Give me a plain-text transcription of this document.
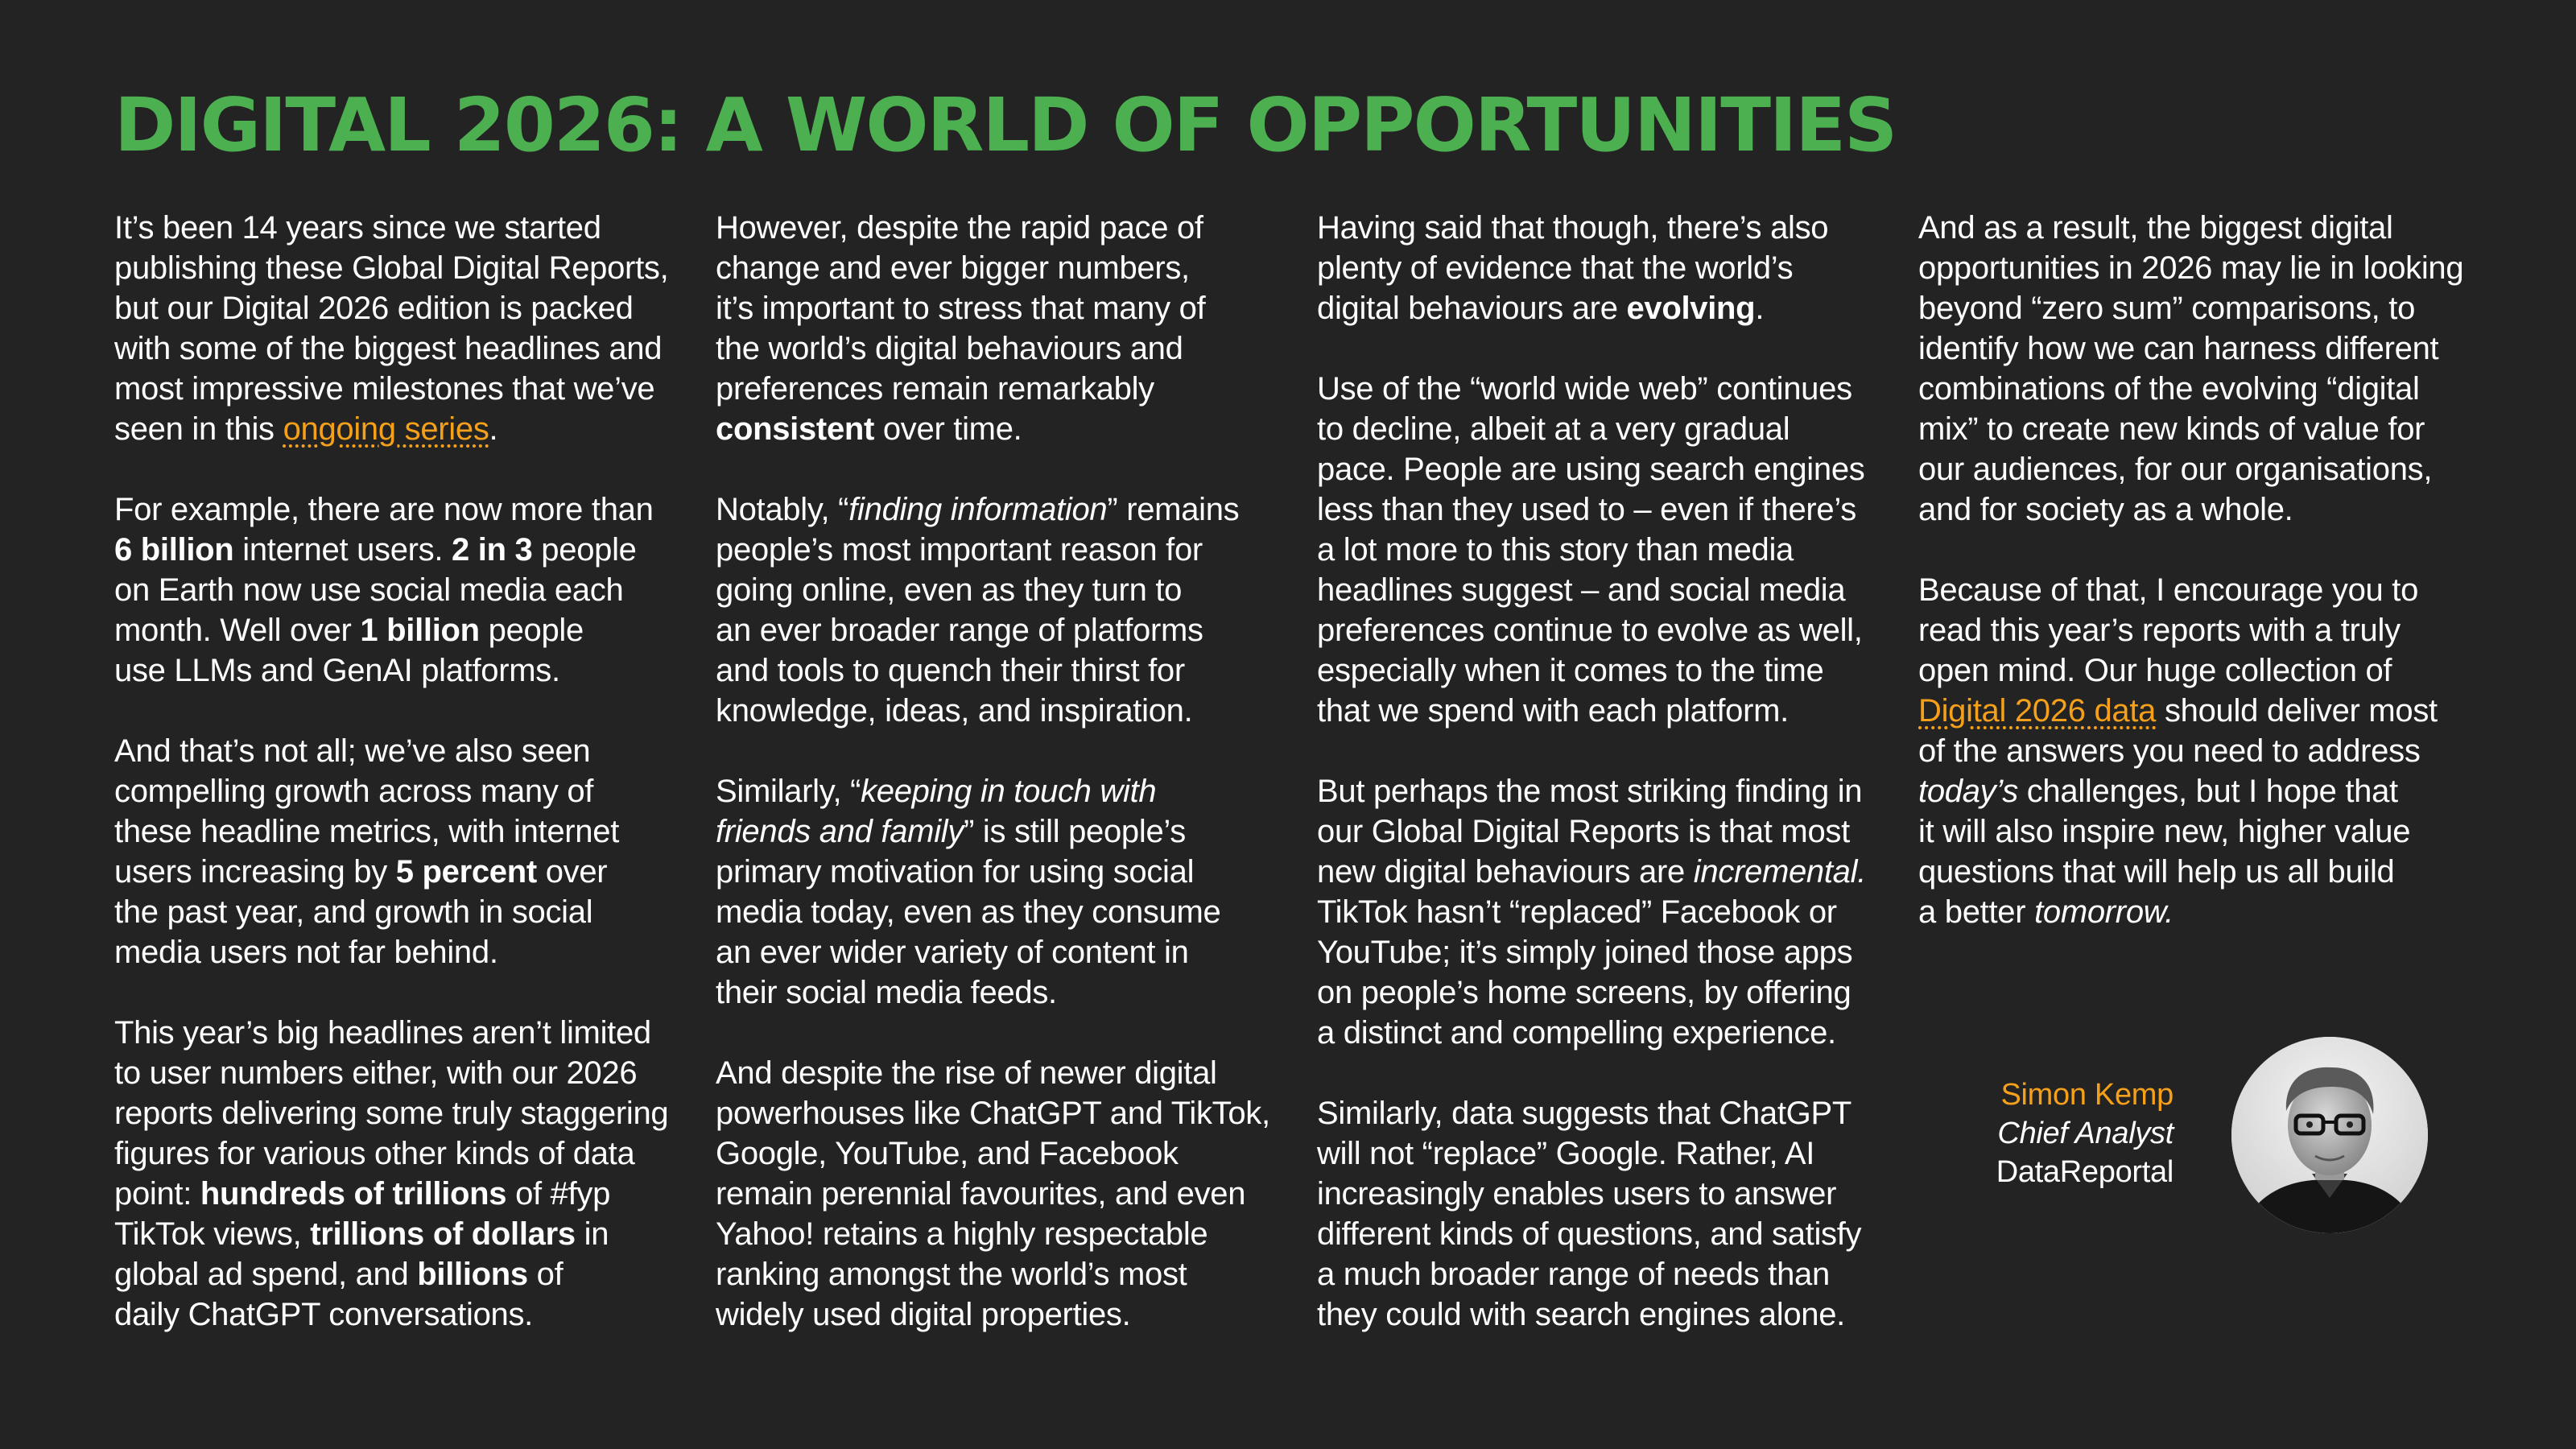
DIGITAL 2026: A WORLD OF OPPORTUNITIES

It’s been 14 years since we started
publishing these Global Digital Reports,
but our Digital 2026 edition is packed
with some of the biggest headlines and
most impressive milestones that we’ve
seen in this ongoing series.

For example, there are now more than
6 billion internet users. 2 in 3 people
on Earth now use social media each
month. Well over 1 billion people
use LLMs and GenAI platforms.

And that’s not all; we’ve also seen
compelling growth across many of
these headline metrics, with internet
users increasing by 5 percent over
the past year, and growth in social
media users not far behind.

This year’s big headlines aren’t limited
to user numbers either, with our 2026
reports delivering some truly staggering
figures for various other kinds of data
point: hundreds of trillions of #fyp
TikTok views, trillions of dollars in
global ad spend, and billions of
daily ChatGPT conversations.

However, despite the rapid pace of
change and ever bigger numbers,
it’s important to stress that many of
the world’s digital behaviours and
preferences remain remarkably
consistent over time.

Notably, “finding information” remains
people’s most important reason for
going online, even as they turn to
an ever broader range of platforms
and tools to quench their thirst for
knowledge, ideas, and inspiration.

Similarly, “keeping in touch with
friends and family” is still people’s
primary motivation for using social
media today, even as they consume
an ever wider variety of content in
their social media feeds.

And despite the rise of newer digital
powerhouses like ChatGPT and TikTok,
Google, YouTube, and Facebook
remain perennial favourites, and even
Yahoo! retains a highly respectable
ranking amongst the world’s most
widely used digital properties.

Having said that though, there’s also
plenty of evidence that the world’s
digital behaviours are evolving.

Use of the “world wide web” continues
to decline, albeit at a very gradual
pace. People are using search engines
less than they used to – even if there’s
a lot more to this story than media
headlines suggest – and social media
preferences continue to evolve as well,
especially when it comes to the time
that we spend with each platform.

But perhaps the most striking finding in
our Global Digital Reports is that most
new digital behaviours are incremental.
TikTok hasn’t “replaced” Facebook or
YouTube; it’s simply joined those apps
on people’s home screens, by offering
a distinct and compelling experience.

Similarly, data suggests that ChatGPT
will not “replace” Google. Rather, AI
increasingly enables users to answer
different kinds of questions, and satisfy
a much broader range of needs than
they could with search engines alone.

And as a result, the biggest digital
opportunities in 2026 may lie in looking
beyond “zero sum” comparisons, to
identify how we can harness different
combinations of the evolving “digital
mix” to create new kinds of value for
our audiences, for our organisations,
and for society as a whole.

Because of that, I encourage you to
read this year’s reports with a truly
open mind. Our huge collection of
Digital 2026 data should deliver most
of the answers you need to address
today’s challenges, but I hope that
it will also inspire new, higher value
questions that will help us all build
a better tomorrow.

Simon Kemp
Chief Analyst
DataReportal
